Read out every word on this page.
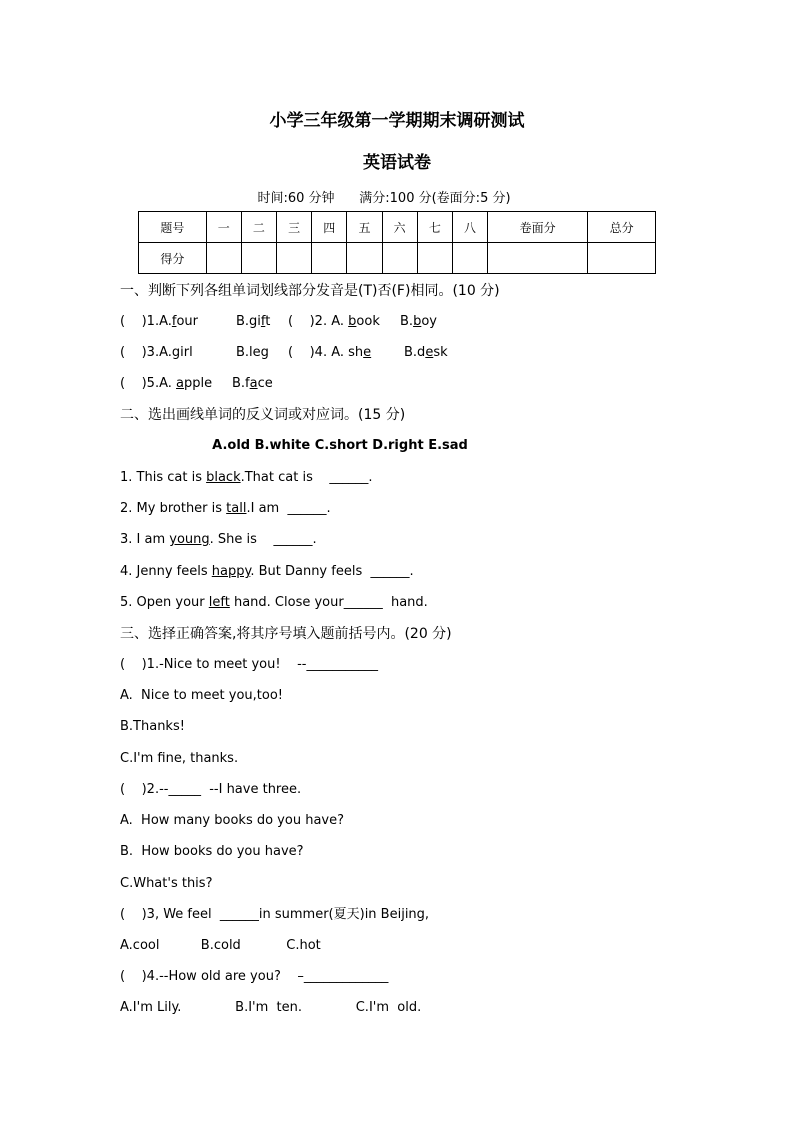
小学三年级第一学期期末调研测试
英语试卷
时间:60 分钟      满分:100 分(卷面分:5 分)
题号	一	二	三	四	五	六	七	八	卷面分	总分
得分										
一、判断下列各组单词划线部分发音是(T)否(F)相同。(10 分)
(    )1.A.four	B.gift (    )2. A. book B.boy
(    )3.A.girl	B.leg (    )4. A. she	B.desk
(    )5.A. apple B.face
二、选出画线单词的反义词或对应词。(15 分)
A.old B.white C.short D.right E.sad
1. This cat is black.That cat is    ______.
2. My brother is tall.I am  ______.
3. I am young. She is    ______.
4. Jenny feels happy. But Danny feels  ______.
5. Open your left hand. Close your______  hand.
三、选择正确答案,将其序号填入题前括号内。(20 分)
(    )1.-Nice to meet you!    --___________
A.  Nice to meet you,too!
B.Thanks!
C.I'm fine, thanks.
(    )2.--_____  --I have three.
A.  How many books do you have?
B.  How books do you have?
C.What's this?
(    )3, We feel  ______in summer(夏天)in Beijing,
A.cool          B.cold           C.hot
(    )4.--How old are you?    –_____________
A.I'm Lily.             B.I'm  ten.             C.I'm  old.
